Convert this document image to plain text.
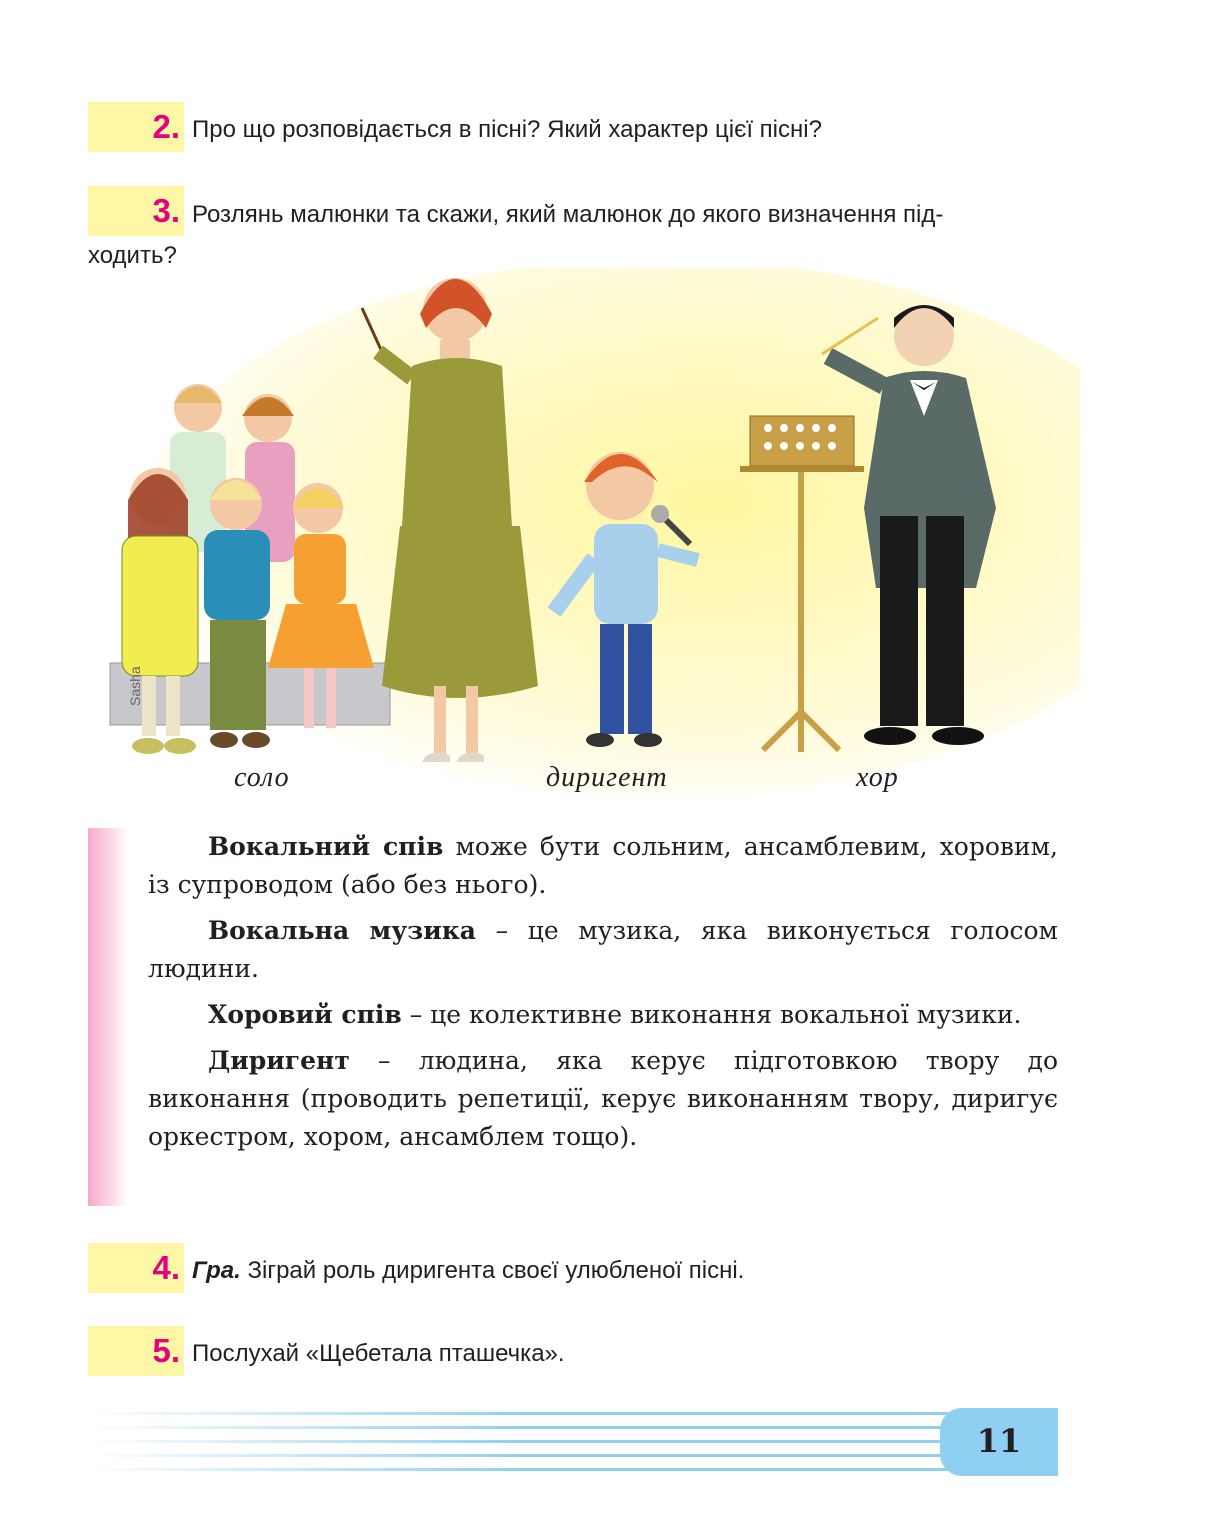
2. Про що розповідається в пісні? Який характер цієї пісні?
3. Розлянь малюнки та скажи, який малюнок до якого визначення під-
ходить?
Sasha
соло	диригент	хор

Вокальний спів може бути сольним, ансамблевим, хоровим, із супроводом (або без нього).

Вокальна музика – це музика, яка виконується голосом людини.

Хоровий спів – це колективне виконання вокальної музики.

Диригент – людина, яка керує підготовкою твору до виконання (проводить репетиції, керує виконанням твору, диригує оркестром, хором, ансамблем тощо).

4. Гра. Зіграй роль диригента своєї улюбленої пісні.
5. Послухай «Щебетала пташечка».
11
